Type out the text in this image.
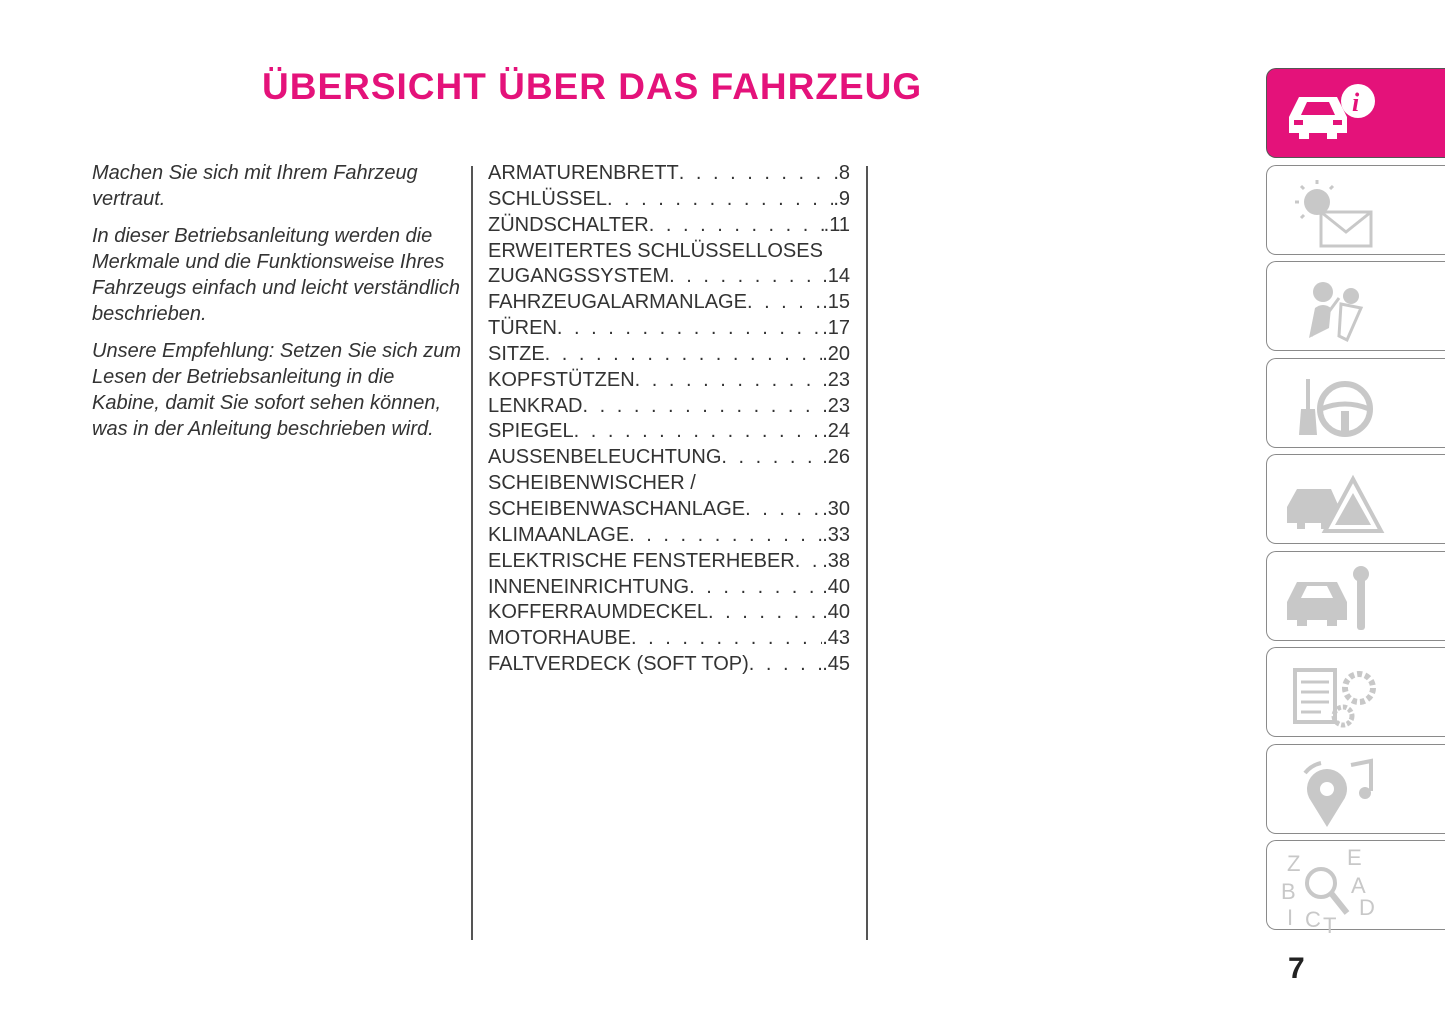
ÜBERSICHT ÜBER DAS FAHRZEUG

Machen Sie sich mit Ihrem Fahrzeug vertraut.

In dieser Betriebsanleitung werden die Merkmale und die Funktionsweise Ihres Fahrzeugs einfach und leicht verständlich beschrieben.

Unsere Empfehlung: Setzen Sie sich zum Lesen der Betriebsanleitung in die Kabine, damit Sie sofort sehen können, was in der Anleitung beschrieben wird.

ARMATURENBRETT . . .	.8
SCHLÜSSEL . . .	.9
ZÜNDSCHALTER . . .	.11
ERWEITERTES SCHLÜSSELLOSES
ZUGANGSSYSTEM . . .	.14
FAHRZEUGALARMANLAGE . . .	.15
TÜREN . . .	.17
SITZE . . .	.20
KOPFSTÜTZEN . . .	.23
LENKRAD . . .	.23
SPIEGEL . . .	.24
AUSSENBELEUCHTUNG . . .	.26
SCHEIBENWISCHER /
SCHEIBENWASCHANLAGE . . .	.30
KLIMAANLAGE . . .	.33
ELEKTRISCHE FENSTERHEBER . . . .38
INNENEINRICHTUNG . . .	.40
KOFFERRAUMDECKEL . . .	.40
MOTORHAUBE . . .	.43
FALTVERDECK (SOFT TOP) . . .	.45
i
Z E
A
B
D
I C T
7
